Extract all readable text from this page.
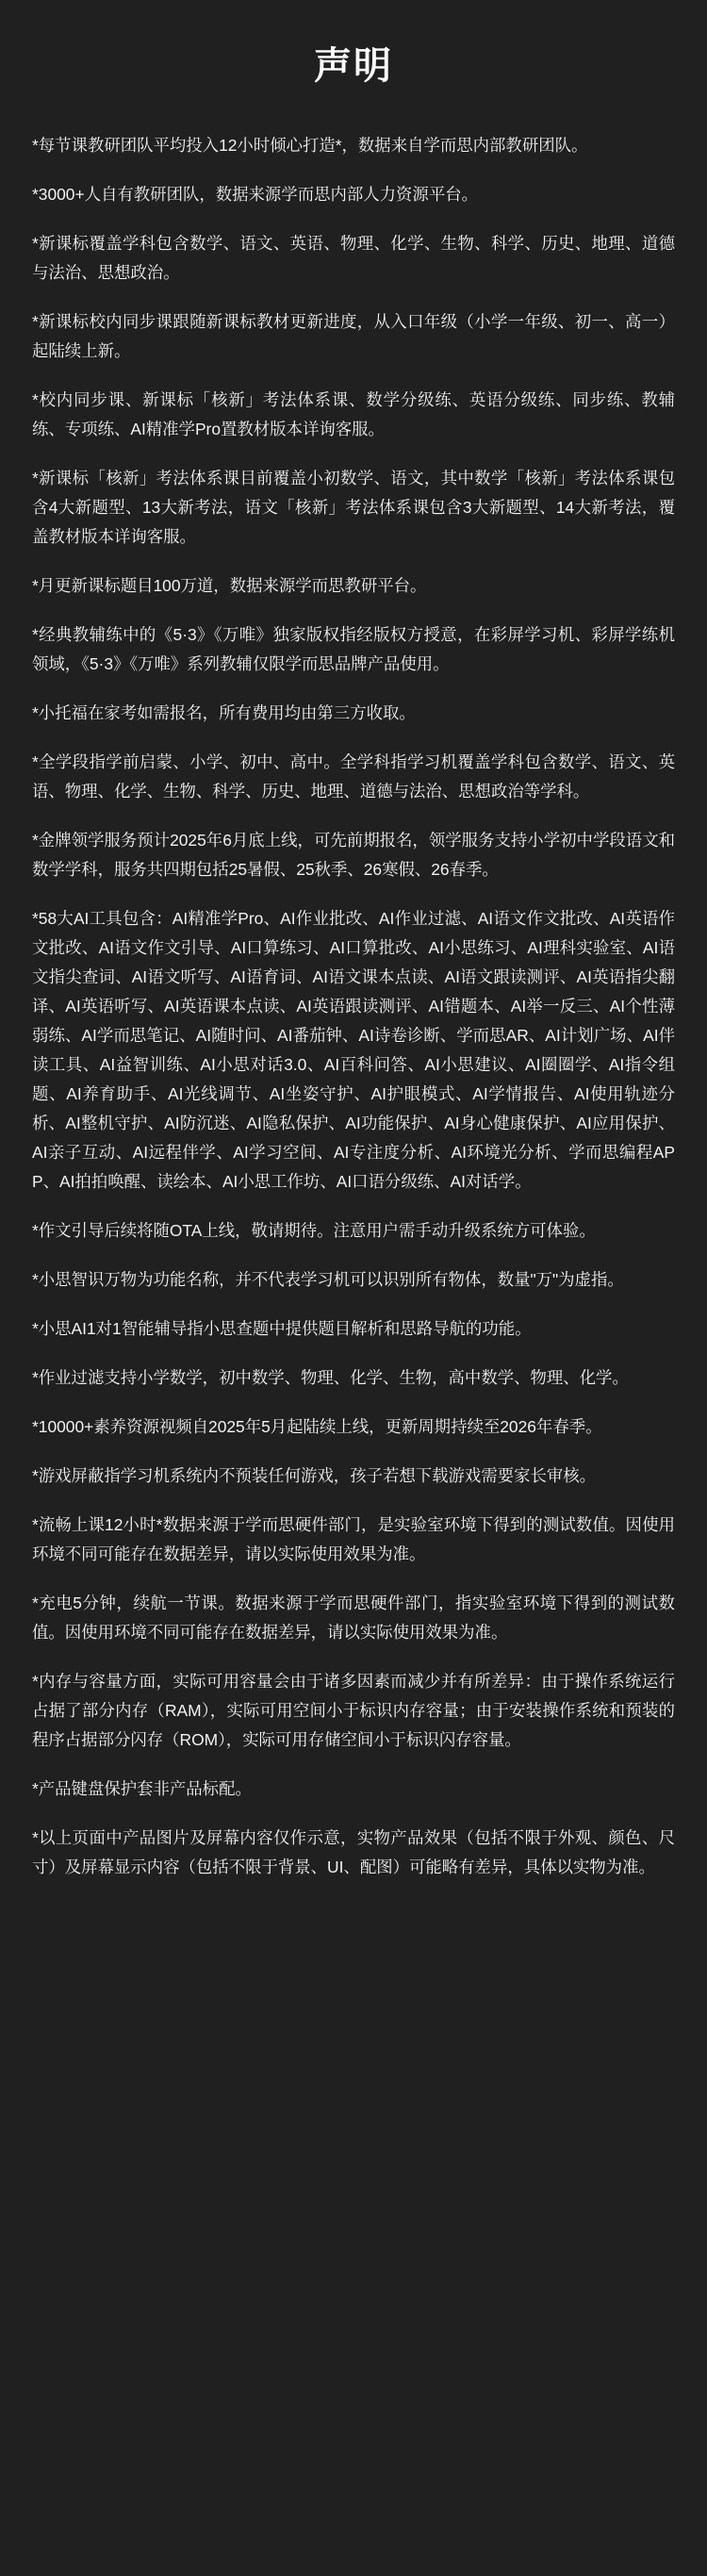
声明

*每节课教研团队平均投入12小时倾心打造*，数据来自学而思内部教研团队。

*3000+人自有教研团队，数据来源学而思内部人力资源平台。

*新课标覆盖学科包含数学、语文、英语、物理、化学、生物、科学、历史、地理、道德与法治、思想政治。

*新课标校内同步课跟随新课标教材更新进度，从入口年级（小学一年级、初一、高一）起陆续上新。

*校内同步课、新课标「核新」考法体系课、数学分级练、英语分级练、同步练、教辅练、专项练、AI精准学Pro置教材版本详询客服。

*新课标「核新」考法体系课目前覆盖小初数学、语文，其中数学「核新」考法体系课包含4大新题型、13大新考法，语文「核新」考法体系课包含3大新题型、14大新考法，覆盖教材版本详询客服。

*月更新课标题目100万道，数据来源学而思教研平台。

*经典教辅练中的《5·3》《万唯》独家版权指经版权方授意，在彩屏学习机、彩屏学练机领域，《5·3》《万唯》系列教辅仅限学而思品牌产品使用。

*小托福在家考如需报名，所有费用均由第三方收取。

*全学段指学前启蒙、小学、初中、高中。全学科指学习机覆盖学科包含数学、语文、英语、物理、化学、生物、科学、历史、地理、道德与法治、思想政治等学科。

*金牌领学服务预计2025年6月底上线，可先前期报名，领学服务支持小学初中学段语文和数学学科，服务共四期包括25暑假、25秋季、26寒假、26春季。

*58大AI工具包含：AI精准学Pro、AI作业批改、AI作业过滤、AI语文作文批改、AI英语作文批改、AI语文作文引导、AI口算练习、AI口算批改、AI小思练习、AI理科实验室、AI语文指尖查词、AI语文听写、AI语育词、AI语文课本点读、AI语文跟读测评、AI英语指尖翻译、AI英语听写、AI英语课本点读、AI英语跟读测评、AI错题本、AI举一反三、AI个性薄弱练、AI学而思笔记、AI随时问、AI番茄钟、AI诗卷诊断、学而思AR、AI计划广场、AI伴读工具、AI益智训练、AI小思对话3.0、AI百科问答、AI小思建议、AI圈圈学、AI指令组题、AI养育助手、AI光线调节、AI坐姿守护、AI护眼模式、AI学情报告、AI使用轨迹分析、AI整机守护、AI防沉迷、AI隐私保护、AI功能保护、AI身心健康保护、AI应用保护、AI亲子互动、AI远程伴学、AI学习空间、AI专注度分析、AI环境光分析、学而思编程APP、AI拍拍唤醒、读绘本、AI小思工作坊、AI口语分级练、AI对话学。

*作文引导后续将随OTA上线，敬请期待。注意用户需手动升级系统方可体验。

*小思智识万物为功能名称，并不代表学习机可以识别所有物体，数量"万"为虚指。

*小思AI1对1智能辅导指小思查题中提供题目解析和思路导航的功能。

*作业过滤支持小学数学，初中数学、物理、化学、生物，高中数学、物理、化学。

*10000+素养资源视频自2025年5月起陆续上线，更新周期持续至2026年春季。

*游戏屏蔽指学习机系统内不预装任何游戏，孩子若想下载游戏需要家长审核。

*流畅上课12小时*数据来源于学而思硬件部门，是实验室环境下得到的测试数值。因使用环境不同可能存在数据差异，请以实际使用效果为准。

*充电5分钟，续航一节课。数据来源于学而思硬件部门，指实验室环境下得到的测试数值。因使用环境不同可能存在数据差异，请以实际使用效果为准。

*内存与容量方面，实际可用容量会由于诸多因素而减少并有所差异：由于操作系统运行占据了部分内存（RAM），实际可用空间小于标识内存容量；由于安装操作系统和预装的程序占据部分闪存（ROM），实际可用存储空间小于标识闪存容量。

*产品键盘保护套非产品标配。

*以上页面中产品图片及屏幕内容仅作示意，实物产品效果（包括不限于外观、颜色、尺寸）及屏幕显示内容（包括不限于背景、UI、配图）可能略有差异，具体以实物为准。
